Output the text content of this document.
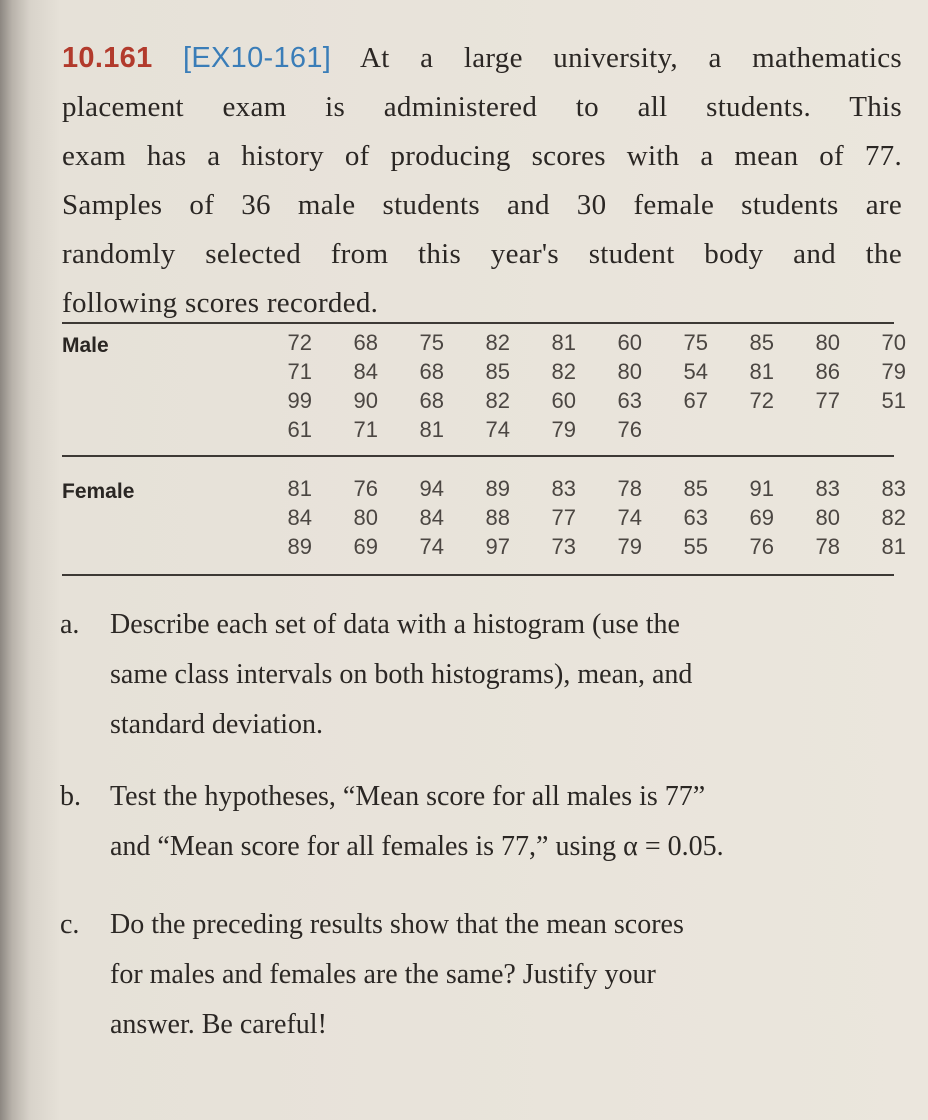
10.161 [EX10-161] At a large university, a mathematics
placement exam is administered to all students. This
exam has a history of producing scores with a mean of 77.
Samples of 36 male students and 30 female students are
randomly selected from this year's student body and the
following scores recorded.
Male	72	68	75	82	81	60	75	85	80	70
71	84	68	85	82	80	54	81	86	79
99	90	68	82	60	63	67	72	77	51
61	71	81	74	79	76
Female	81	76	94	89	83	78	85	91	83	83
84	80	84	88	77	74	63	69	80	82
89	69	74	97	73	79	55	76	78	81
a. Describe each set of data with a histogram (use the
same class intervals on both histograms), mean, and
standard deviation.
b. Test the hypotheses, “Mean score for all males is 77”
and “Mean score for all females is 77,” using α = 0.05.
c. Do the preceding results show that the mean scores
for males and females are the same? Justify your
answer. Be careful!
